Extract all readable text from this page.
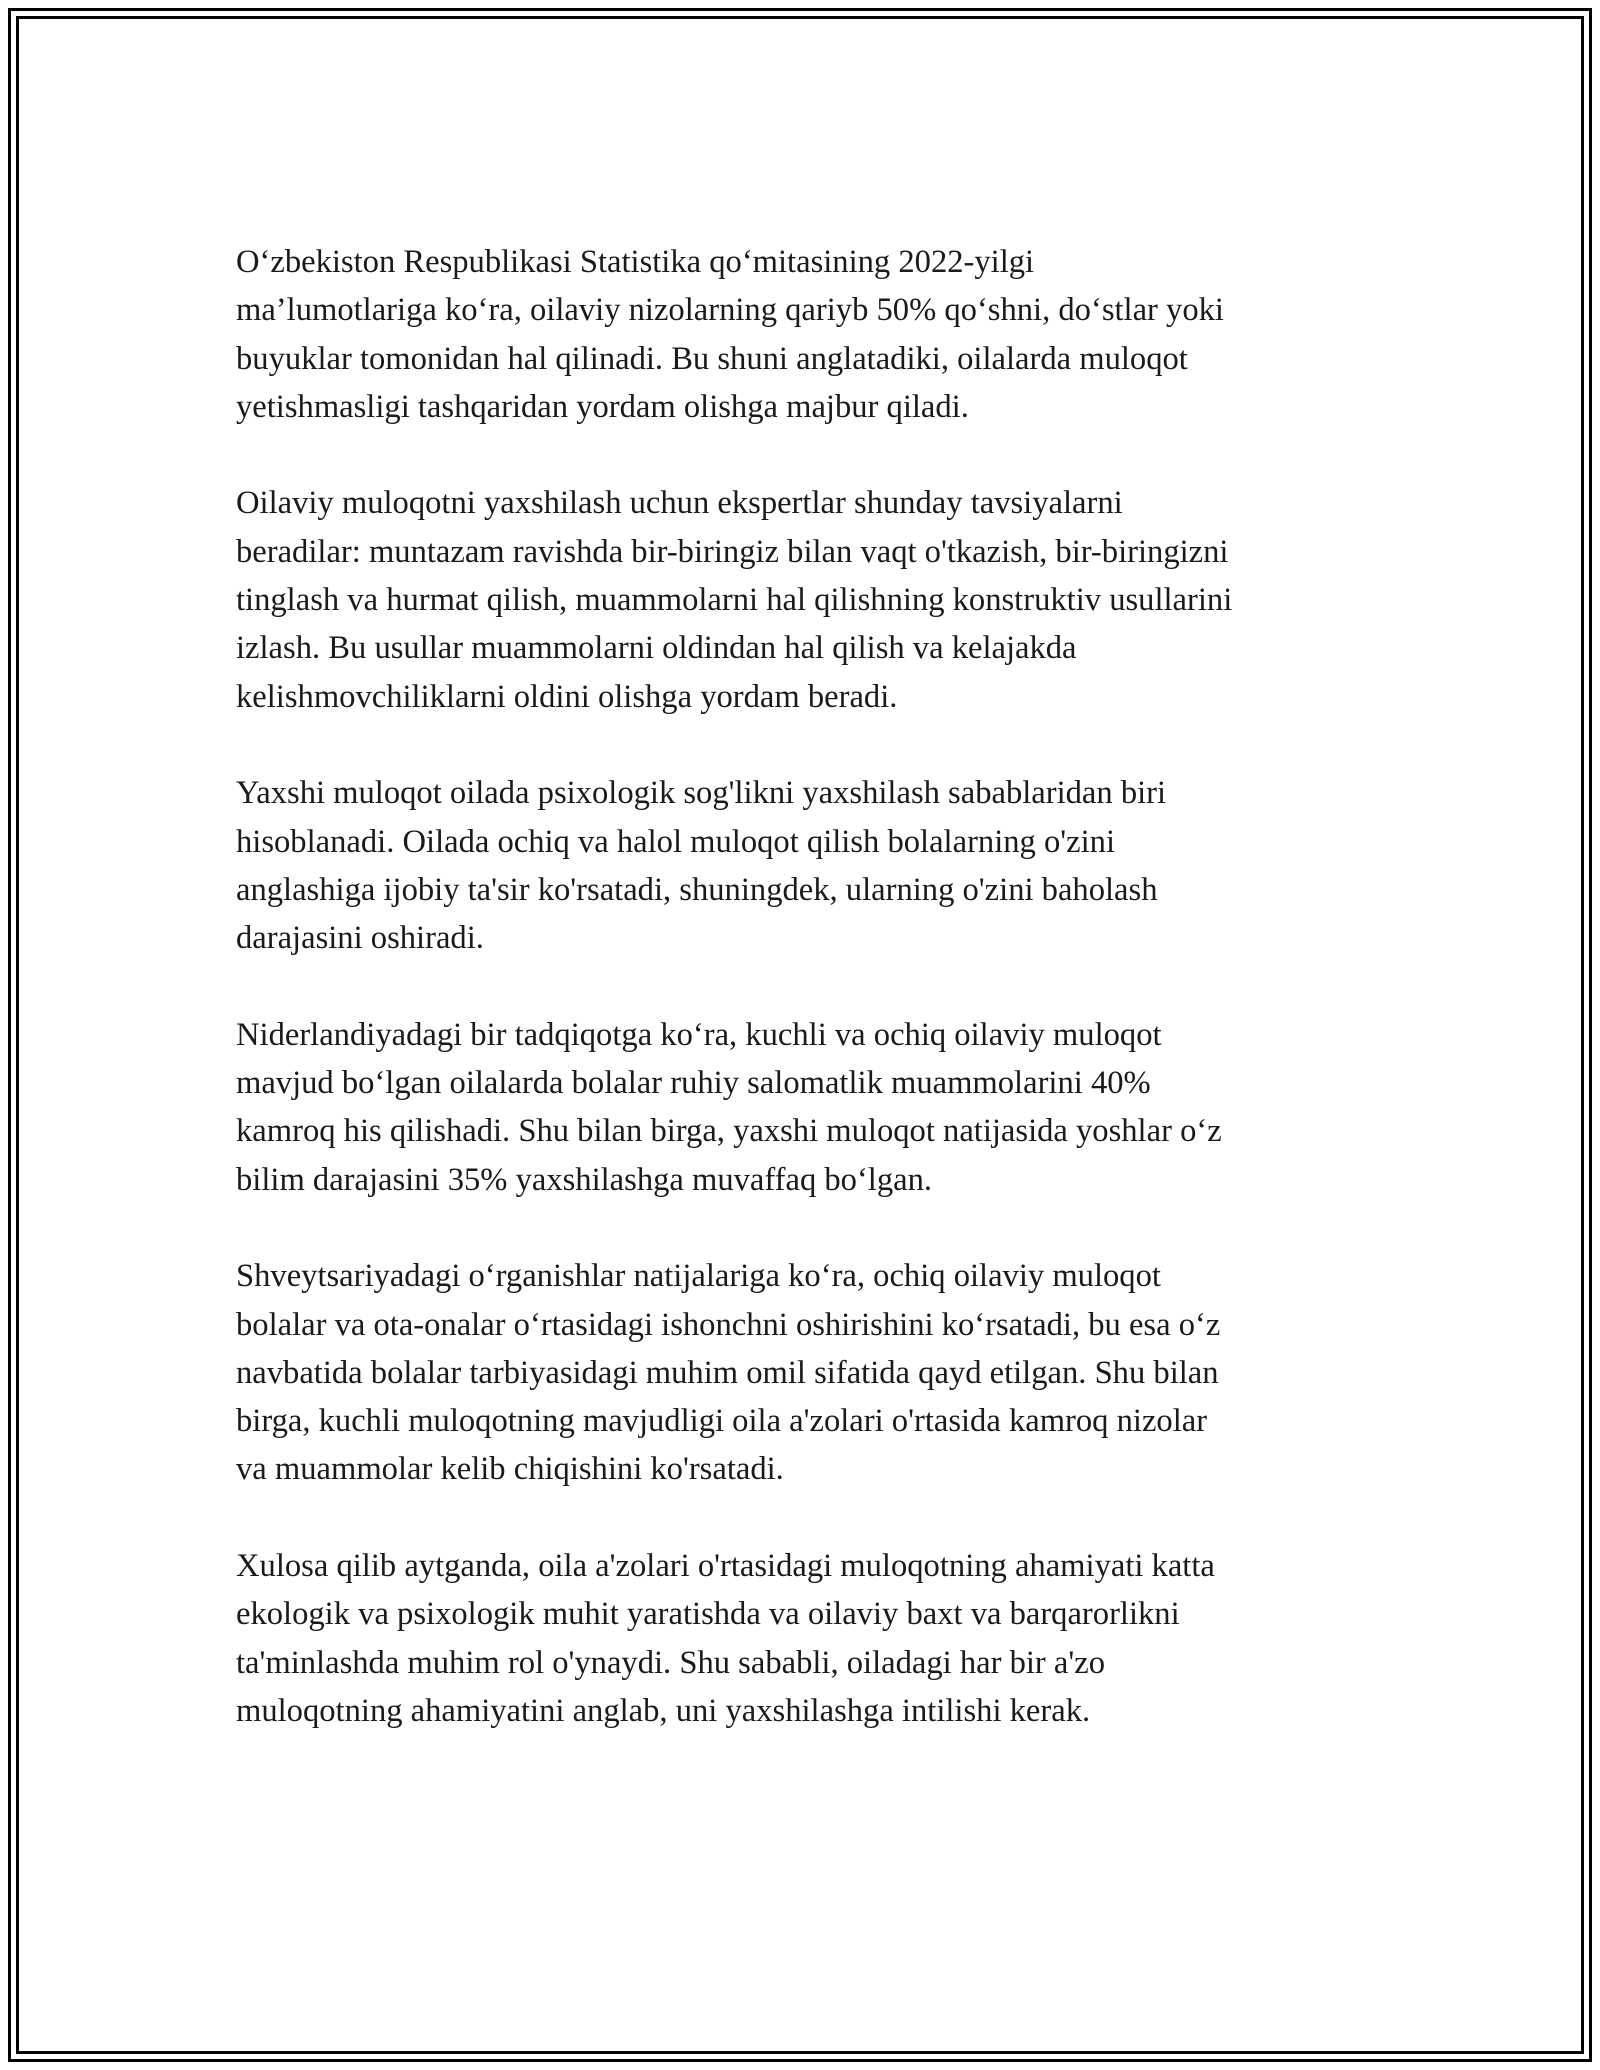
O‘zbekiston Respublikasi Statistika qo‘mitasining 2022-yilgi
ma’lumotlariga ko‘ra, oilaviy nizolarning qariyb 50% qo‘shni, do‘stlar yoki
buyuklar tomonidan hal qilinadi. Bu shuni anglatadiki, oilalarda muloqot
yetishmasligi tashqaridan yordam olishga majbur qiladi.

Oilaviy muloqotni yaxshilash uchun ekspertlar shunday tavsiyalarni
beradilar: muntazam ravishda bir-biringiz bilan vaqt o'tkazish, bir-biringizni
tinglash va hurmat qilish, muammolarni hal qilishning konstruktiv usullarini
izlash. Bu usullar muammolarni oldindan hal qilish va kelajakda
kelishmovchiliklarni oldini olishga yordam beradi.

Yaxshi muloqot oilada psixologik sog'likni yaxshilash sabablaridan biri
hisoblanadi. Oilada ochiq va halol muloqot qilish bolalarning o'zini
anglashiga ijobiy ta'sir ko'rsatadi, shuningdek, ularning o'zini baholash
darajasini oshiradi.

Niderlandiyadagi bir tadqiqotga ko‘ra, kuchli va ochiq oilaviy muloqot
mavjud bo‘lgan oilalarda bolalar ruhiy salomatlik muammolarini 40%
kamroq his qilishadi. Shu bilan birga, yaxshi muloqot natijasida yoshlar o‘z
bilim darajasini 35% yaxshilashga muvaffaq bo‘lgan.

Shveytsariyadagi o‘rganishlar natijalariga ko‘ra, ochiq oilaviy muloqot
bolalar va ota-onalar o‘rtasidagi ishonchni oshirishini ko‘rsatadi, bu esa o‘z
navbatida bolalar tarbiyasidagi muhim omil sifatida qayd etilgan. Shu bilan
birga, kuchli muloqotning mavjudligi oila a'zolari o'rtasida kamroq nizolar
va muammolar kelib chiqishini ko'rsatadi.

Xulosa qilib aytganda, oila a'zolari o'rtasidagi muloqotning ahamiyati katta
ekologik va psixologik muhit yaratishda va oilaviy baxt va barqarorlikni
ta'minlashda muhim rol o'ynaydi. Shu sababli, oiladagi har bir a'zo
muloqotning ahamiyatini anglab, uni yaxshilashga intilishi kerak.
